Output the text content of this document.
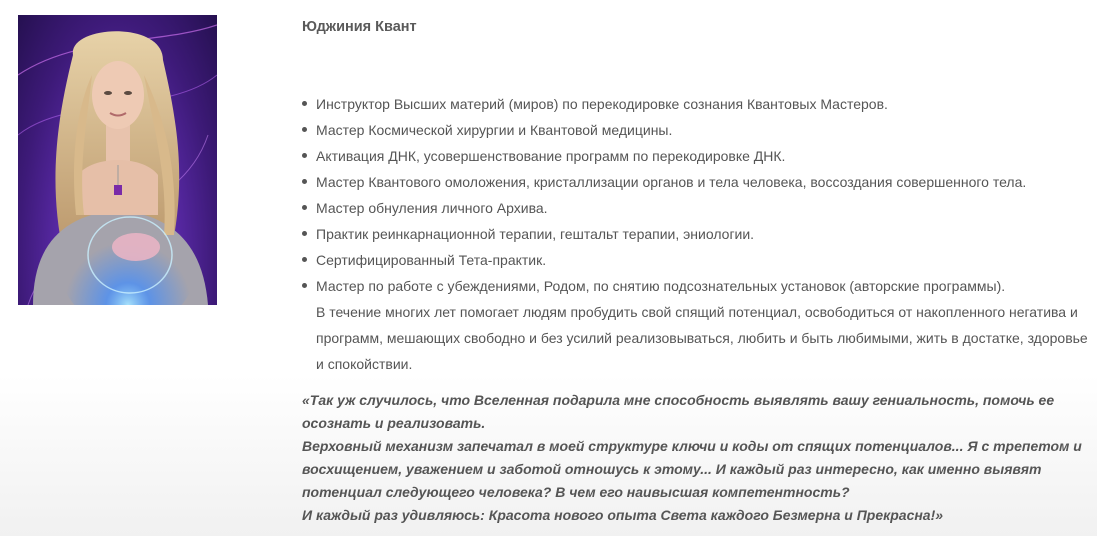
Юджиния Квант
Инструктор Высших материй (миров) по перекодировке сознания Квантовых Мастеров.
Мастер Космической хирургии и Квантовой медицины.
Активация ДНК, усовершенствование программ по перекодировке ДНК.
Мастер Квантового омоложения, кристаллизации органов и тела человека, воссоздания совершенного тела.
Мастер обнуления личного Архива.
Практик реинкарнационной терапии, гештальт терапии, эниологии.
Сертифицированный Тета-практик.
Мастер по работе с убеждениями, Родом, по снятию подсознательных установок (авторские программы).
В течение многих лет помогает людям пробудить свой спящий потенциал, освободиться от накопленного негатива и программ, мешающих свободно и без усилий реализовываться, любить и быть любимыми, жить в достатке, здоровье и спокойствии.

«Так уж случилось, что Вселенная подарила мне способность выявлять вашу гениальность, помочь ее осознать и реализовать.

Верховный механизм запечатал в моей структуре ключи и коды от спящих потенциалов... Я с трепетом и восхищением, уважением и заботой отношусь к этому... И каждый раз интересно, как именно выявят потенциал следующего человека? В чем его наивысшая компетентность?

И каждый раз удивляюсь: Красота нового опыта Света каждого Безмерна и Прекрасна!»
